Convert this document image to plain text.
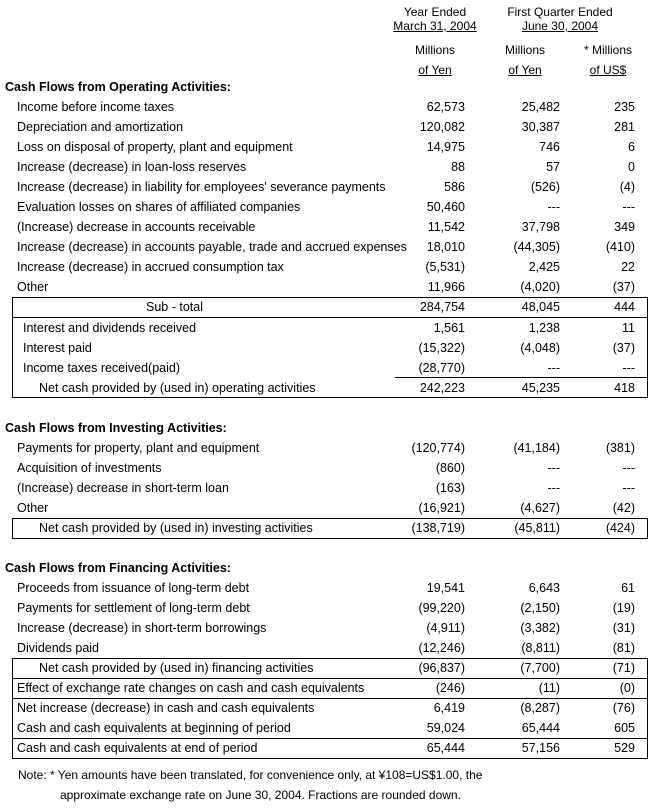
Year Ended
March 31, 2004
First Quarter Ended
June 30, 2004
Millions
of Yen
Millions
of Yen
* Millions
of US$
Cash Flows from Operating Activities:
Income before income taxes	62,573	25,482	235
Depreciation and amortization	120,082	30,387	281
Loss on disposal of property, plant and equipment	14,975	746	6
Increase (decrease) in loan-loss reserves	88	57	0
Increase (decrease) in liability for employees' severance payments	586	(526)	(4)
Evaluation losses on shares of affiliated companies	50,460	---	---
(Increase) decrease in accounts receivable	11,542	37,798	349
Increase (decrease) in accounts payable, trade and accrued expenses 18,010	(44,305)	(410)
Increase (decrease) in accrued consumption tax	(5,531)	2,425	22
Other	11,966	(4,020)	(37)
Sub - total	284,754	48,045	444
Interest and dividends received	1,561	1,238	11
Interest paid	(15,322)	(4,048)	(37)
Income taxes received(paid)	(28,770)	---	---
Net cash provided by (used in) operating activities	242,223	45,235	418
Cash Flows from Investing Activities:
Payments for property, plant and equipment	(120,774)	(41,184)	(381)
Acquisition of investments	(860)	---	---
(Increase) decrease in short-term loan	(163)	---	---
Other	(16,921)	(4,627)	(42)
Net cash provided by (used in) investing activities	(138,719)	(45,811)	(424)
Cash Flows from Financing Activities:
Proceeds from issuance of long-term debt	19,541	6,643	61
Payments for settlement of long-term debt	(99,220)	(2,150)	(19)
Increase (decrease) in short-term borrowings	(4,911)	(3,382)	(31)
Dividends paid	(12,246)	(8,811)	(81)
Net cash provided by (used in) financing activities	(96,837)	(7,700)	(71)
Effect of exchange rate changes on cash and cash equivalents	(246)	(11)	(0)
Net increase (decrease) in cash and cash equivalents	6,419	(8,287)	(76)
Cash and cash equivalents at beginning of period	59,024	65,444	605
Cash and cash equivalents at end of period	65,444	57,156	529
Note: * Yen amounts have been translated, for convenience only, at ¥108=US$1.00, the
approximate exchange rate on June 30, 2004. Fractions are rounded down.
